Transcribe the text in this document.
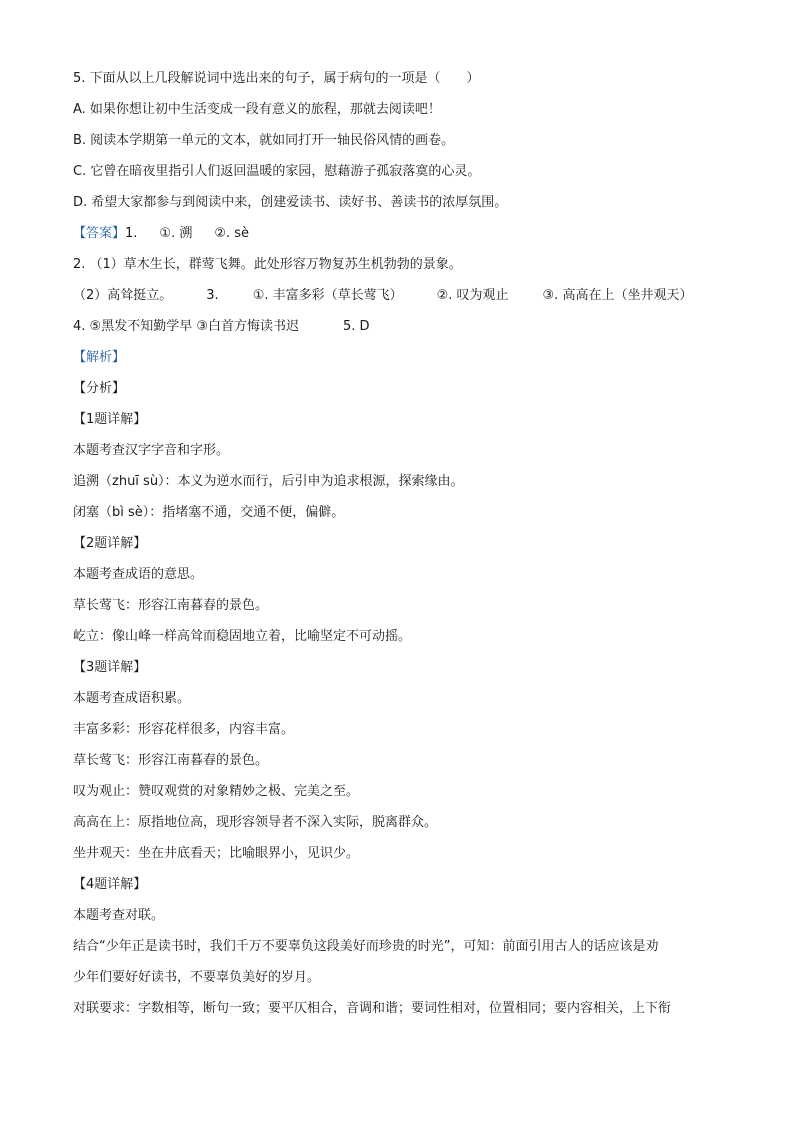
5. 下面从以上几段解说词中选出来的句子，属于病句的一项是（　　）
A. 如果你想让初中生活变成一段有意义的旅程，那就去阅读吧！
B. 阅读本学期第一单元的文本，就如同打开一轴民俗风情的画卷。
C. 它曾在暗夜里指引人们返回温暖的家园，慰藉游子孤寂落寞的心灵。
D. 希望大家都参与到阅读中来，创建爱读书、读好书、善读书的浓厚氛围。
【答案】1. ①. 溯 ②. sè
2. （1）草木生长，群莺飞舞。此处形容万物复苏生机勃勃的景象。
（2）高耸挺立。	3.	①. 丰富多彩（草长莺飞）	②. 叹为观止	③. 高高在上（坐井观天）
4. ⑤黑发不知勤学早 ③白首方悔读书迟	5. D
【解析】
【分析】
【1题详解】
本题考查汉字字音和字形。
追溯（zhuī sù）：本义为逆水而行，后引申为追求根源，探索缘由。
闭塞（bì sè）：指堵塞不通，交通不便，偏僻。
【2题详解】
本题考查成语的意思。
草长莺飞：形容江南暮春的景色。
屹立：像山峰一样高耸而稳固地立着，比喻坚定不可动摇。
【3题详解】
本题考查成语积累。
丰富多彩：形容花样很多，内容丰富。
草长莺飞：形容江南暮春的景色。
叹为观止：赞叹观赏的对象精妙之极、完美之至。
高高在上：原指地位高，现形容领导者不深入实际，脱离群众。
坐井观天：坐在井底看天；比喻眼界小，见识少。
【4题详解】
本题考查对联。
结合“少年正是读书时，我们千万不要辜负这段美好而珍贵的时光”，可知：前面引用古人的话应该是劝
少年们要好好读书，不要辜负美好的岁月。
对联要求：字数相等，断句一致；要平仄相合，音调和谐；要词性相对，位置相同；要内容相关，上下衔
